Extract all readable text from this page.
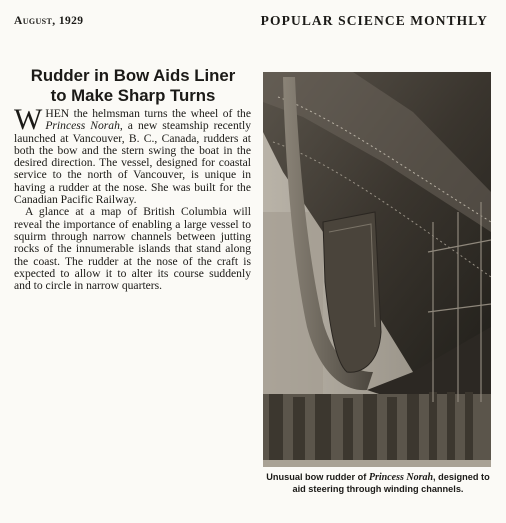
August, 1929	POPULAR SCIENCE MONTHLY
Rudder in Bow Aids Liner
to Make Sharp Turns

WHEN the helmsman turns the wheel of the Princess Norah, a new steamship recently launched at Vancouver, B. C., Canada, rudders at both the bow and the stern swing the boat in the desired direction. The vessel, designed for coastal service to the north of Vancouver, is unique in having a rudder at the nose. She was built for the Canadian Pacific Railway.

A glance at a map of British Columbia will reveal the importance of enabling a large vessel to squirm through narrow channels between jutting rocks of the innumerable islands that stand along the coast. The rudder at the nose of the craft is expected to allow it to alter its course suddenly and to circle in narrow quarters.

Unusual bow rudder of Princess Norah, designed to aid steering through winding channels.
